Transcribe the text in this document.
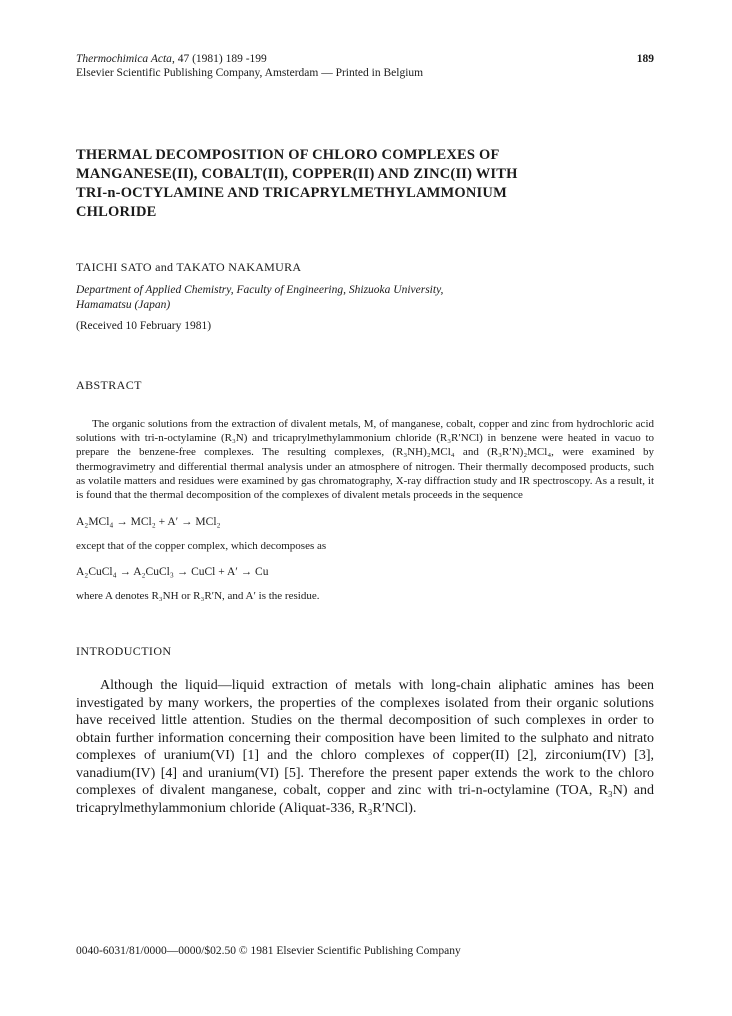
Thermochimica Acta, 47 (1981) 189 -199	189
Elsevier Scientific Publishing Company, Amsterdam — Printed in Belgium
THERMAL DECOMPOSITION OF CHLORO COMPLEXES OF
MANGANESE(II), COBALT(II), COPPER(II) AND ZINC(II) WITH
TRI-n-OCTYLAMINE AND TRICAPRYLMETHYLAMMONIUM
CHLORIDE
TAICHI SATO and TAKATO NAKAMURA
Department of Applied Chemistry, Faculty of Engineering, Shizuoka University,
Hamamatsu (Japan)
(Received 10 February 1981)
ABSTRACT
The organic solutions from the extraction of divalent metals, M, of manganese, cobalt, copper and zinc from hydrochloric acid solutions with tri-n-octylamine (R₃N) and tricaprylmethylammonium chloride (R₃R′NCl) in benzene were heated in vacuo to prepare the benzene-free complexes. The resulting complexes, (R₃NH)₂MCl₄ and (R₃R′N)₂MCl₄, were examined by thermogravimetry and differential thermal analysis under an atmosphere of nitrogen. Their thermally decomposed products, such as volatile matters and residues were examined by gas chromatography, X-ray diffraction study and IR spectroscopy. As a result, it is found that the thermal decomposition of the complexes of divalent metals proceeds in the sequence
A₂MCl₄ → MCl₂ + A′ → MCl₂
except that of the copper complex, which decomposes as
A₂CuCl₄ → A₂CuCl₃ → CuCl + A′ → Cu
where A denotes R₃NH or R₃R′N, and A′ is the residue.
INTRODUCTION
Although the liquid—liquid extraction of metals with long-chain aliphatic amines has been investigated by many workers, the properties of the complexes isolated from their organic solutions have received little attention. Studies on the thermal decomposition of such complexes in order to obtain further information concerning their composition have been limited to the sulphato and nitrato complexes of uranium(VI) [1] and the chloro complexes of copper(II) [2], zirconium(IV) [3], vanadium(IV) [4] and uranium(VI) [5]. Therefore the present paper extends the work to the chloro complexes of divalent manganese, cobalt, copper and zinc with tri-n-octylamine (TOA, R₃N) and tricaprylmethylammonium chloride (Aliquat-336, R₃R′NCl).
0040-6031/81/0000—0000/$02.50 © 1981 Elsevier Scientific Publishing Company
